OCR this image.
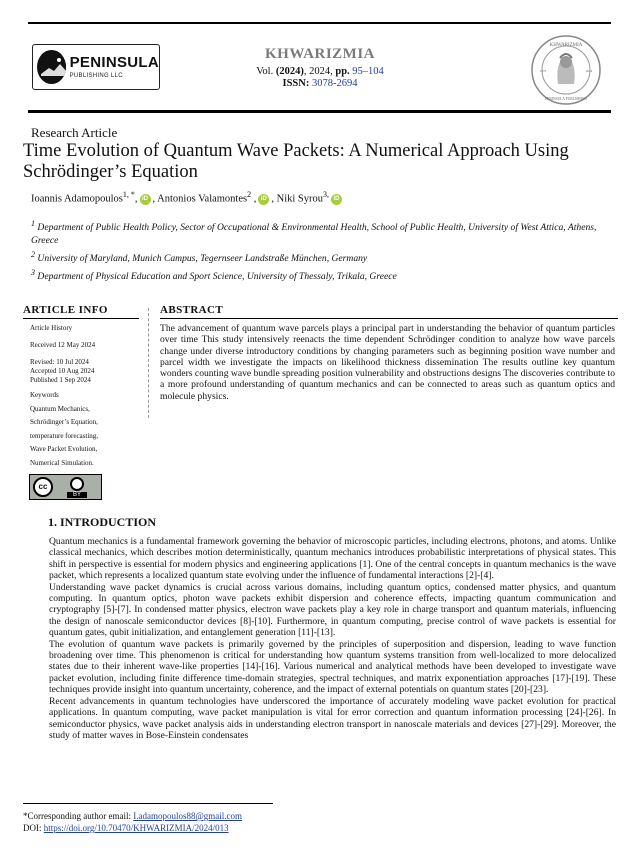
PENINSULA
PUBLISHING LLC
KHWARIZMIA
Vol. (2024), 2024, pp. 95–104
ISSN: 3078-2694
KHWARIZMIA
PENINSULA PUBLISHING
1970	2024
Research Article
Time Evolution of Quantum Wave Packets: A Numerical Approach Using Schrödinger’s Equation
Ioannis Adamopoulos$^{1, *}$, iD , Antonios Valamontes$^2$ , iD , Niki Syrou$^{3,}$ iD
$^1$ Department of Public Health Policy, Sector of Occupational & Environmental Health, School of Public Health, University of West Attica, Athens, Greece
$^2$ University of Maryland, Munich Campus, Tegernseer Landstraße München, Germany
$^3$ Department of Physical Education and Sport Science, University of Thessaly, Trikala, Greece
ARTICLE INFO	ABSTRACT
Article History
Received 12 May 2024
Revised: 10 Jul 2024
Accepted 10 Aug 2024
Published 1 Sep 2024
Keywords
Quantum Mechanics,
Schrödinger’s Equation,
temperature forecasting,
Wave Packet Evolution,
Numerical Simulation.
cc
BY
The advancement of quantum wave parcels plays a principal part in understanding the behavior of quantum particles over time This study intensively reenacts the time dependent Schrödinger condition to analyze how wave parcels change under diverse introductory conditions by changing parameters such as beginning position wave number and parcel width we investigate the impacts on likelihood thickness dissemination The results outline key quantum wonders counting wave bundle spreading position vulnerability and obstructions designs The discoveries contribute to a more profound understanding of quantum mechanics and can be connected to areas such as quantum optics and molecule physics.
1. INTRODUCTION

Quantum mechanics is a fundamental framework governing the behavior of microscopic particles, including electrons, photons, and atoms. Unlike classical mechanics, which describes motion deterministically, quantum mechanics introduces probabilistic interpretations of physical states. This shift in perspective is essential for modern physics and engineering applications [1]. One of the central concepts in quantum mechanics is the wave packet, which represents a localized quantum state evolving under the influence of fundamental interactions [2]-[4].

Understanding wave packet dynamics is crucial across various domains, including quantum optics, condensed matter physics, and quantum computing. In quantum optics, photon wave packets exhibit dispersion and coherence effects, impacting quantum communication and cryptography [5]-[7]. In condensed matter physics, electron wave packets play a key role in charge transport and quantum materials, influencing the design of nanoscale semiconductor devices [8]-[10]. Furthermore, in quantum computing, precise control of wave packets is essential for quantum gates, qubit initialization, and entanglement generation [11]-[13].

The evolution of quantum wave packets is primarily governed by the principles of superposition and dispersion, leading to wave function broadening over time. This phenomenon is critical for understanding how quantum systems transition from well-localized to more delocalized states due to their inherent wave-like properties [14]-[16]. Various numerical and analytical methods have been developed to investigate wave packet evolution, including finite difference time-domain strategies, spectral techniques, and matrix exponentiation approaches [17]-[19]. These techniques provide insight into quantum uncertainty, coherence, and the impact of external potentials on quantum states [20]-[23].

Recent advancements in quantum technologies have underscored the importance of accurately modeling wave packet evolution for practical applications. In quantum computing, wave packet manipulation is vital for error correction and quantum information processing [24]-[26]. In semiconductor physics, wave packet analysis aids in understanding electron transport in nanoscale materials and devices [27]-[29]. Moreover, the study of matter waves in Bose-Einstein condensates

*Corresponding author email: I.adamopoulos88@gmail.com
DOI: https://doi.org/10.70470/KHWARIZMIA/2024/013
